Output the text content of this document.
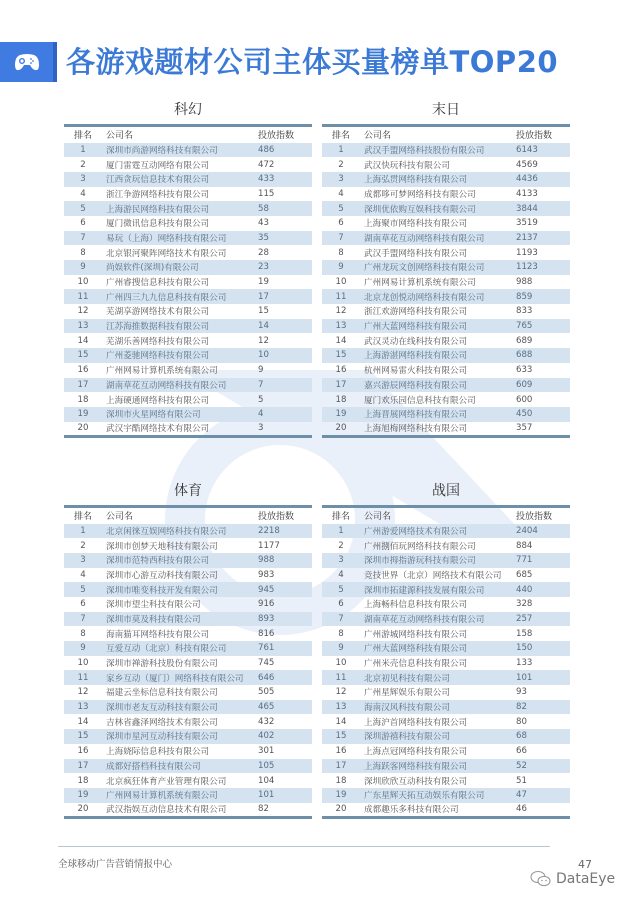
各游戏题材公司主体买量榜单TOP20
科幻
排名	公司名	投放指数
1	深圳市尚游网络科技有限公司	486
2	厦门雷霆互动网络有限公司	472
3	江西贪玩信息技术有限公司	433
4	浙江争游网络科技有限公司	115
5	上海游民网络科技有限公司	58
6	厦门微讯信息科技有限公司	43
7	易玩（上海）网络科技有限公司	35
8	北京银河聚阵网络技术有限公司	28
9	尚娱软件(深圳)有限公司	23
10	广州睿搜信息科技有限公司	19
11	广州四三九九信息科技有限公司	17
12	芜湖享游网络技术有限公司	15
13	江苏海推数据科技有限公司	14
14	芜湖乐善网络科技有限公司	12
15	广州菱驰网络科技有限公司	10
16	广州网易计算机系统有限公司	9
17	湖南草花互动网络科技有限公司	7
18	上海硬通网络科技有限公司	5
19	深圳市火星网络有限公司	4
20	武汉宇酷网络技术有限公司	3
末日
排名	公司名	投放指数
1	武汉手盟网络科技股份有限公司	6143
2	武汉快玩科技有限公司	4569
3	上海弘贯网络科技有限公司	4436
4	成都哆可梦网络科技有限公司	4133
5	深圳优依购互娱科技有限公司	3844
6	上海聚市网络科技有限公司	3519
7	湖南草花互动网络科技有限公司	2137
8	武汉手盟网络科技有限公司	1193
9	广州龙玩文创网络科技有限公司	1123
10	广州网易计算机系统有限公司	988
11	北京龙创悦动网络科技有限公司	859
12	浙江欢游网络科技有限公司	833
13	广州大蓝网络科技有限公司	765
14	武汉灵动在线科技有限公司	689
15	上海游湛网络科技有限公司	688
16	杭州网易雷火科技有限公司	633
17	嘉兴游辰网络科技有限公司	609
18	厦门欢乐园信息科技有限公司	600
19	上海晋展网络科技有限公司	450
20	上海旭梅网络科技有限公司	357
体育
排名	公司名	投放指数
1	北京闲徕互娱网络科技有限公司	2218
2	深圳市创梦天地科技有限公司	1177
3	深圳市范特西科技有限公司	988
4	深圳市心游互动科技有限公司	983
5	深圳市唯变科技开发有限公司	945
6	深圳市望尘科技有限公司	916
7	深圳市莫及科技有限公司	893
8	海南猫耳网络科技有限公司	816
9	互爱互动（北京）科技有限公司	761
10	深圳市禅游科技股份有限公司	745
11	家乡互动（厦门）网络科技有限公司	646
12	福建云坐标信息科技有限公司	505
13	深圳市老友互动科技有限公司	465
14	吉林省鑫泽网络技术有限公司	432
15	深圳市星河互动科技有限公司	402
16	上海娆际信息科技有限公司	301
17	成都好搭档科技有限公司	105
18	北京疯狂体育产业管理有限公司	104
19	广州网易计算机系统有限公司	101
20	武汉指娱互动信息技术有限公司	82
战国
排名	公司名	投放指数
1	广州游爱网络技术有限公司	2404
2	广州捌佰玩网络科技有限公司	884
3	深圳市拇指游玩科技有限公司	771
4	竞技世界（北京）网络技术有限公司	685
5	深圳市拓建源科技发展有限公司	440
6	上海畅科信息科技有限公司	328
7	湖南草花互动网络科技有限公司	257
8	广州游城网络科技有限公司	158
9	广州大蓝网络科技有限公司	150
10	广州米壳信息科技有限公司	133
11	北京初见科技有限公司	101
12	广州星辉娱乐有限公司	93
13	海南汉风科技有限公司	82
14	上海沪首网络科技有限公司	80
15	深圳游禧科技有限公司	68
16	上海点冠网络科技有限公司	66
17	上海跃客网络科技有限公司	52
18	深圳欣欣互动科技有限公司	51
19	广东星辉天拓互动娱乐有限公司	47
20	成都趣乐多科技有限公司	46
全球移动广告营销情报中心	47
DataEye
